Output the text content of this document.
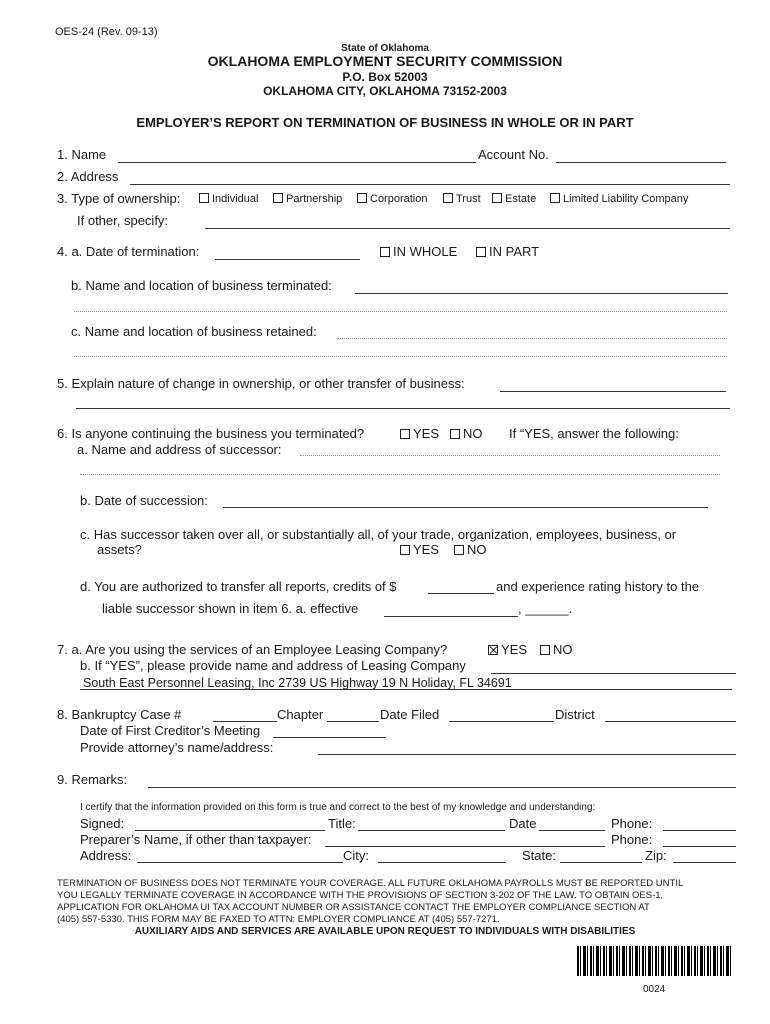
OES-24 (Rev. 09-13)
State of Oklahoma
OKLAHOMA EMPLOYMENT SECURITY COMMISSION
P.O. Box 52003
OKLAHOMA CITY, OKLAHOMA 73152-2003
EMPLOYER’S REPORT ON TERMINATION OF BUSINESS IN WHOLE OR IN PART
1. Name	Account No.
2. Address
3. Type of ownership:	Individual	Partnership	Corporation	Trust	Estate	Limited Liability Company
If other, specify:
4. a. Date of termination:	IN WHOLE	IN PART
b. Name and location of business terminated:
c. Name and location of business retained:
5. Explain nature of change in ownership, or other transfer of business:
6. Is anyone continuing the business you terminated?	YES	NO If “YES, answer the following:
a. Name and address of successor:
b. Date of succession:
c. Has successor taken over all, or substantially all, of your trade, organization, employees, business, or
assets?	YES	NO
d. You are authorized to transfer all reports, credits of $	and experience rating history to the
liable successor shown in item 6. a. effective	, ______.
7. a. Are you using the services of an Employee Leasing Company?	YES	NO
b. If “YES”, please provide name and address of Leasing Company
South East Personnel Leasing, Inc 2739 US Highway 19 N Holiday, FL 34691
8. Bankruptcy Case #	Chapter	Date Filed	District
Date of First Creditor’s Meeting
Provide attorney’s name/address:
9. Remarks:
I certify that the information provided on this form is true and correct to the best of my knowledge and understanding:
Signed:	Title:	Date	Phone:
Preparer’s Name, if other than taxpayer:	Phone:
Address:	City:	State:	Zip:
TERMINATION OF BUSINESS DOES NOT TERMINATE YOUR COVERAGE. ALL FUTURE OKLAHOMA PAYROLLS MUST BE REPORTED UNTIL
YOU LEGALLY TERMINATE COVERAGE IN ACCORDANCE WITH THE PROVISIONS OF SECTION 3-202 OF THE LAW. TO OBTAIN OES-1,
APPLICATION FOR OKLAHOMA UI TAX ACCOUNT NUMBER OR ASSISTANCE CONTACT THE EMPLOYER COMPLIANCE SECTION AT
(405) 557-5330. THIS FORM MAY BE FAXED TO ATTN: EMPLOYER COMPLIANCE AT (405) 557-7271.
AUXILIARY AIDS AND SERVICES ARE AVAILABLE UPON REQUEST TO INDIVIDUALS WITH DISABILITIES
0024
